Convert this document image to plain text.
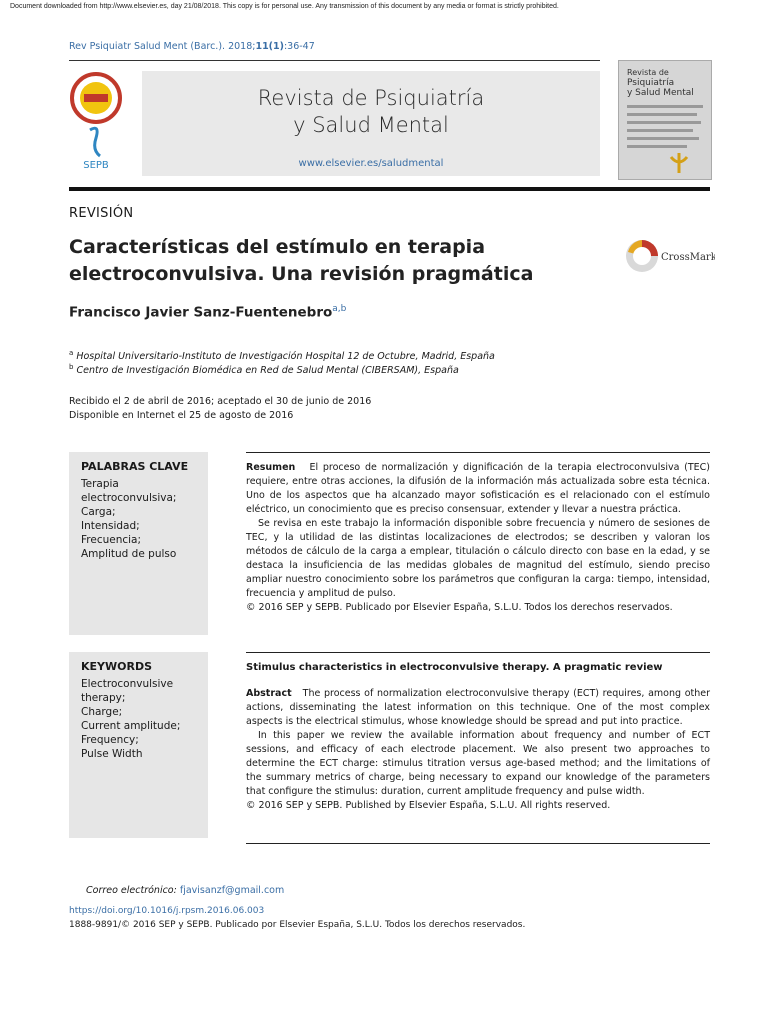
Document downloaded from http://www.elsevier.es, day 21/08/2018. This copy is for personal use. Any transmission of this document by any media or format is strictly prohibited.
Rev Psiquiatr Salud Ment (Barc.). 2018;11(1):36-47
SEPB
Revista de Psiquiatría
y Salud Mental
www.elsevier.es/saludmental
Revista de
Psiquiatría
y Salud Mental
REVISIÓN
Características del estímulo en terapia electroconvulsiva. Una revisión pragmática
CrossMark
Francisco Javier Sanz-Fuentenebro$^{a,b}$
$^a$ Hospital Universitario-Instituto de Investigación Hospital 12 de Octubre, Madrid, España
$^b$ Centro de Investigación Biomédica en Red de Salud Mental (CIBERSAM), España
Recibido el 2 de abril de 2016; aceptado el 30 de junio de 2016
Disponible en Internet el 25 de agosto de 2016
PALABRAS CLAVE
Terapia
electroconvulsiva;
Carga;
Intensidad;
Frecuencia;
Amplitud de pulso

Resumen El proceso de normalización y dignificación de la terapia electroconvulsiva (TEC) requiere, entre otras acciones, la difusión de la información más actualizada sobre esta técnica. Uno de los aspectos que ha alcanzado mayor sofisticación es el relacionado con el estímulo eléctrico, un conocimiento que es preciso consensuar, extender y llevar a nuestra práctica.

Se revisa en este trabajo la información disponible sobre frecuencia y número de sesiones de TEC, y la utilidad de las distintas localizaciones de electrodos; se describen y valoran los métodos de cálculo de la carga a emplear, titulación o cálculo directo con base en la edad, y se destaca la insuficiencia de las medidas globales de magnitud del estímulo, siendo preciso ampliar nuestro conocimiento sobre los parámetros que configuran la carga: tiempo, intensidad, frecuencia y amplitud de pulso.

© 2016 SEP y SEPB. Publicado por Elsevier España, S.L.U. Todos los derechos reservados.

KEYWORDS
Electroconvulsive
therapy;
Charge;
Current amplitude;
Frequency;
Pulse Width
Stimulus characteristics in electroconvulsive therapy. A pragmatic review

Abstract The process of normalization electroconvulsive therapy (ECT) requires, among other actions, disseminating the latest information on this technique. One of the most complex aspects is the electrical stimulus, whose knowledge should be spread and put into practice.

In this paper we review the available information about frequency and number of ECT sessions, and efficacy of each electrode placement. We also present two approaches to determine the ECT charge: stimulus titration versus age-based method; and the limitations of the summary metrics of charge, being necessary to expand our knowledge of the parameters that configure the stimulus: duration, current amplitude frequency and pulse width.

© 2016 SEP y SEPB. Published by Elsevier España, S.L.U. All rights reserved.

Correo electrónico: fjavisanzf@gmail.com
https://doi.org/10.1016/j.rpsm.2016.06.003
1888-9891/© 2016 SEP y SEPB. Publicado por Elsevier España, S.L.U. Todos los derechos reservados.
